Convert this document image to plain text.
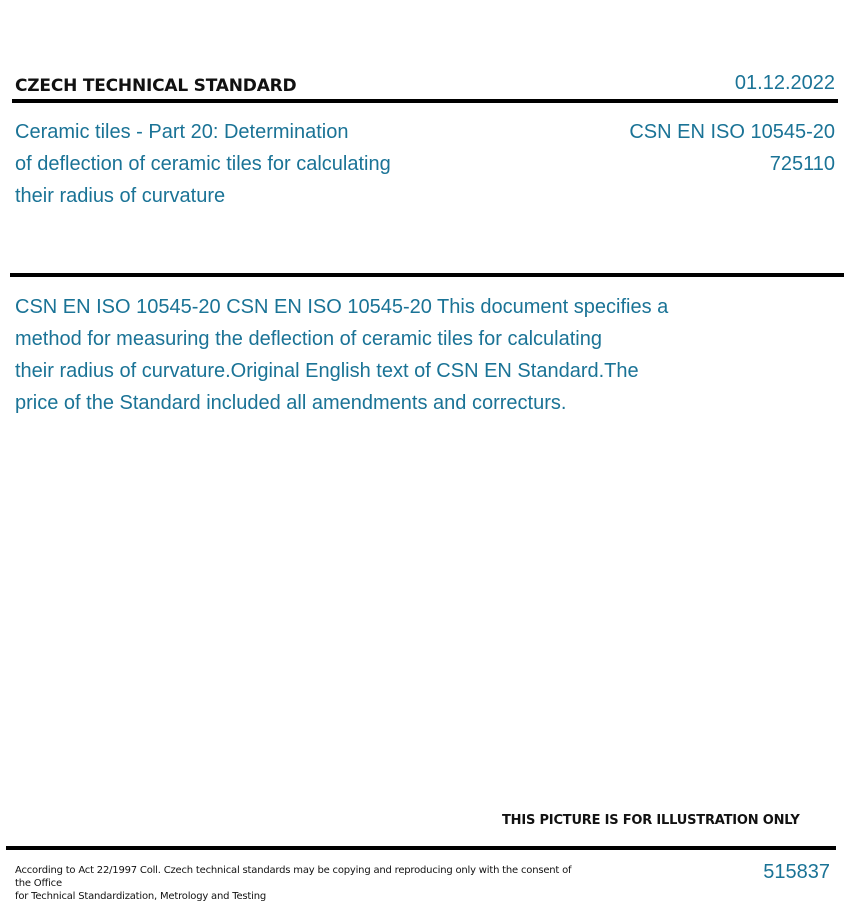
CZECH TECHNICAL STANDARD	01.12.2022
Ceramic tiles - Part 20: Determination
of deflection of ceramic tiles for calculating
their radius of curvature
CSN EN ISO 10545-20
725110
CSN EN ISO 10545-20 CSN EN ISO 10545-20 This document specifies a
method for measuring the deflection of ceramic tiles for calculating
their radius of curvature.Original English text of CSN EN Standard.The
price of the Standard included all amendments and correcturs.
THIS PICTURE IS FOR ILLUSTRATION ONLY
According to Act 22/1997 Coll. Czech technical standards may be copying and reproducing only with the consent of the Office
for Technical Standardization, Metrology and Testing
515837
